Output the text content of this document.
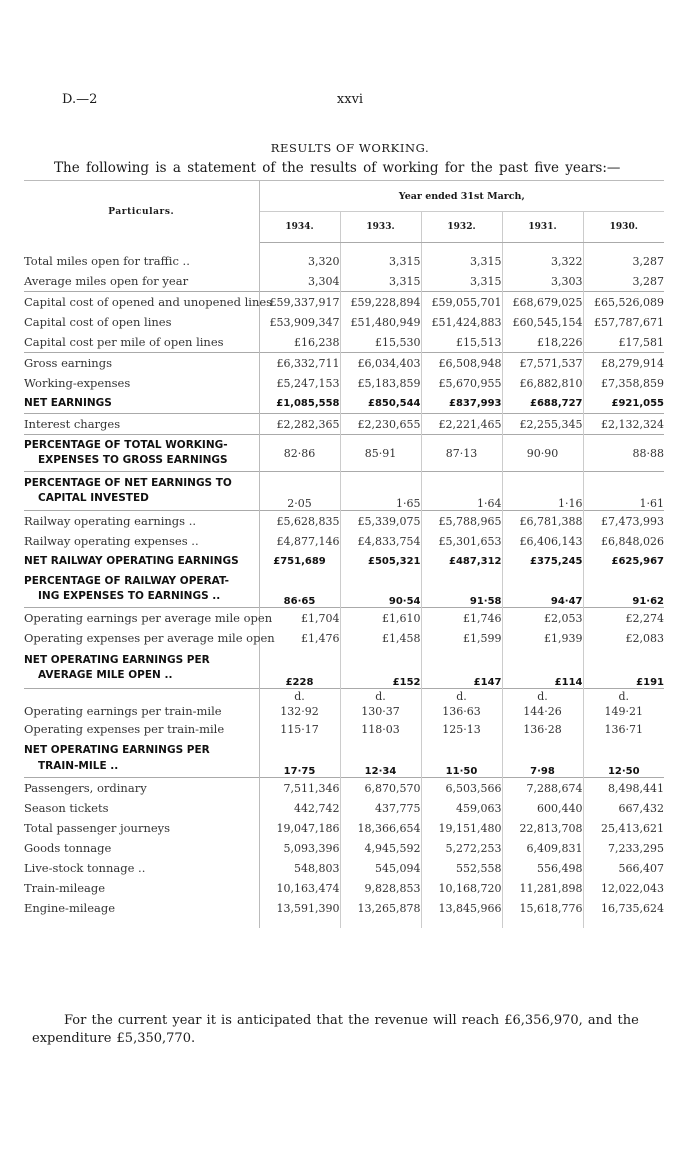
D.—2	xxvi
RESULTS OF WORKING.
The following is a statement of the results of working for the past five years:—
Particulars.	Year ended 31st March,				
	1934.	1933.	1932.	1931.	1930.

Total miles open for traffic ..	3,320	3,315	3,315	3,322	3,287
Average miles open for year	3,304	3,315	3,315	3,303	3,287
Capital cost of opened and unopened lines	£59,337,917	£59,228,894	£59,055,701	£68,679,025	£65,526,089
Capital cost of open lines	£53,909,347	£51,480,949	£51,424,883	£60,545,154	£57,787,671
Capital cost per mile of open lines	£16,238	£15,530	£15,513	£18,226	£17,581
Gross earnings	£6,332,711	£6,034,403	£6,508,948	£7,571,537	£8,279,914
Working-expenses	£5,247,153	£5,183,859	£5,670,955	£6,882,810	£7,358,859
NET EARNINGS	£1,085,558	£850,544	£837,993	£688,727	£921,055
Interest charges	£2,282,365	£2,230,655	£2,221,465	£2,255,345	£2,132,324

PERCENTAGE OF TOTAL WORKING-
EXPENSES TO GROSS EARNINGS	82·86	85·91	87·13	90·90	88·88

PERCENTAGE OF NET EARNINGS TO
CAPITAL INVESTED	2·05	1·65	1·64	1·16	1·61
Railway operating earnings ..	£5,628,835	£5,339,075	£5,788,965	£6,781,388	£7,473,993
Railway operating expenses ..	£4,877,146	£4,833,754	£5,301,653	£6,406,143	£6,848,026
NET RAILWAY OPERATING EARNINGS	£751,689	£505,321	£487,312	£375,245	£625,967

PERCENTAGE OF RAILWAY OPERAT-
ING EXPENSES TO EARNINGS ..	86·65	90·54	91·58	94·47	91·62
Operating earnings per average mile open	£1,704	£1,610	£1,746	£2,053	£2,274
Operating expenses per average mile open	£1,476	£1,458	£1,599	£1,939	£2,083

NET OPERATING EARNINGS PER
AVERAGE MILE OPEN ..	£228	£152	£147	£114	£191
	d.	d.	d.	d.	d.
Operating earnings per train-mile	132·92	130·37	136·63	144·26	149·21
Operating expenses per train-mile	115·17	118·03	125·13	136·28	136·71

NET OPERATING EARNINGS PER
TRAIN-MILE ..	17·75	12·34	11·50	7·98	12·50
Passengers, ordinary	7,511,346	6,870,570	6,503,566	7,288,674	8,498,441
Season tickets	442,742	437,775	459,063	600,440	667,432
Total passenger journeys	19,047,186	18,366,654	19,151,480	22,813,708	25,413,621
Goods tonnage	5,093,396	4,945,592	5,272,253	6,409,831	7,233,295
Live-stock tonnage ..	548,803	545,094	552,558	556,498	566,407
Train-mileage	10,163,474	9,828,853	10,168,720	11,281,898	12,022,043
Engine-mileage	13,591,390	13,265,878	13,845,966	15,618,776	16,735,624

For the current year it is anticipated that the revenue will reach £6,356,970, and the expenditure £5,350,770.
